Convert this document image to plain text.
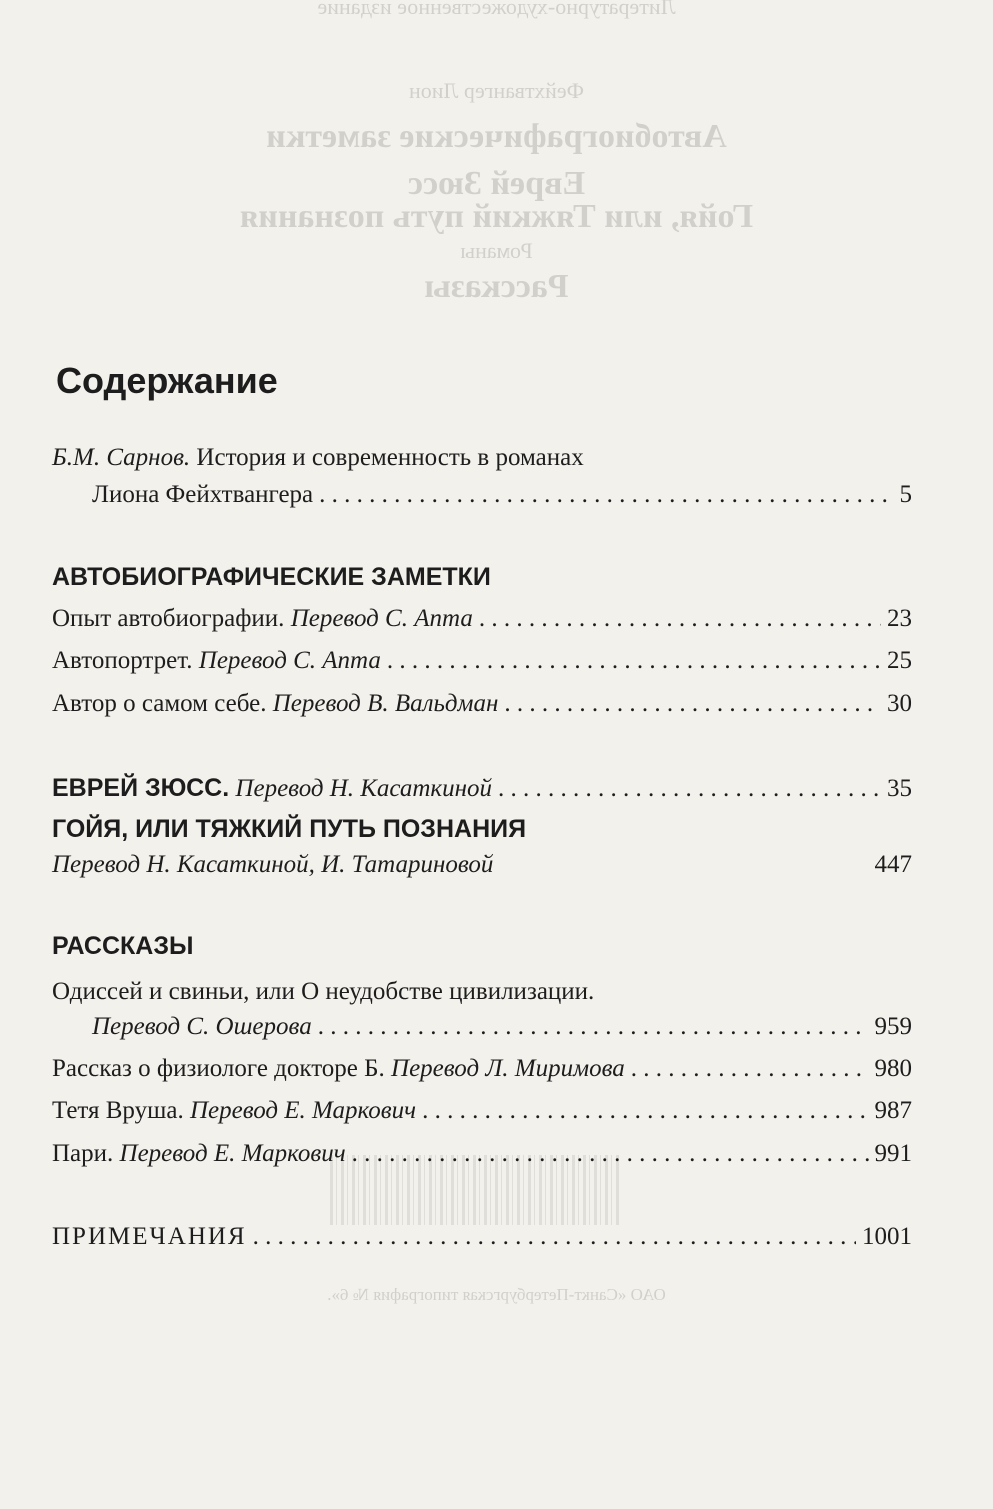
Литературно-художественное издание
Фейхтвангер Лион
Автобиографические заметки
Еврей Зюсс
Гойя, или Тяжкий путь познания
Романы
Рассказы
ОАО «Санкт-Петербургская типография № 6».
Содержание
Б.М. Сарнов. История и современность в романах
Лиона Фейхтвангера . . .	5
АВТОБИОГРАФИЧЕСКИЕ ЗАМЕТКИ
Опыт автобиографии. Перевод С. Апта . . .	23
Автопортрет. Перевод С. Апта . . .	25
Автор о самом себе. Перевод В. Вальдман . . .	30
ЕВРЕЙ ЗЮСС. Перевод Н. Касаткиной . . .	35
ГОЙЯ, ИЛИ ТЯЖКИЙ ПУТЬ ПОЗНАНИЯ
Перевод Н. Касаткиной, И. Татариновой	447
РАССКАЗЫ
Одиссей и свиньи, или О неудобстве цивилизации.
Перевод С. Ошерова . . .	959
Рассказ о физиологе докторе Б. Перевод Л. Миримова . . .	980
Тетя Вруша. Перевод Е. Маркович . . .	987
Пари. Перевод Е. Маркович . . .	991
ПРИМЕЧАНИЯ . . .	1001
